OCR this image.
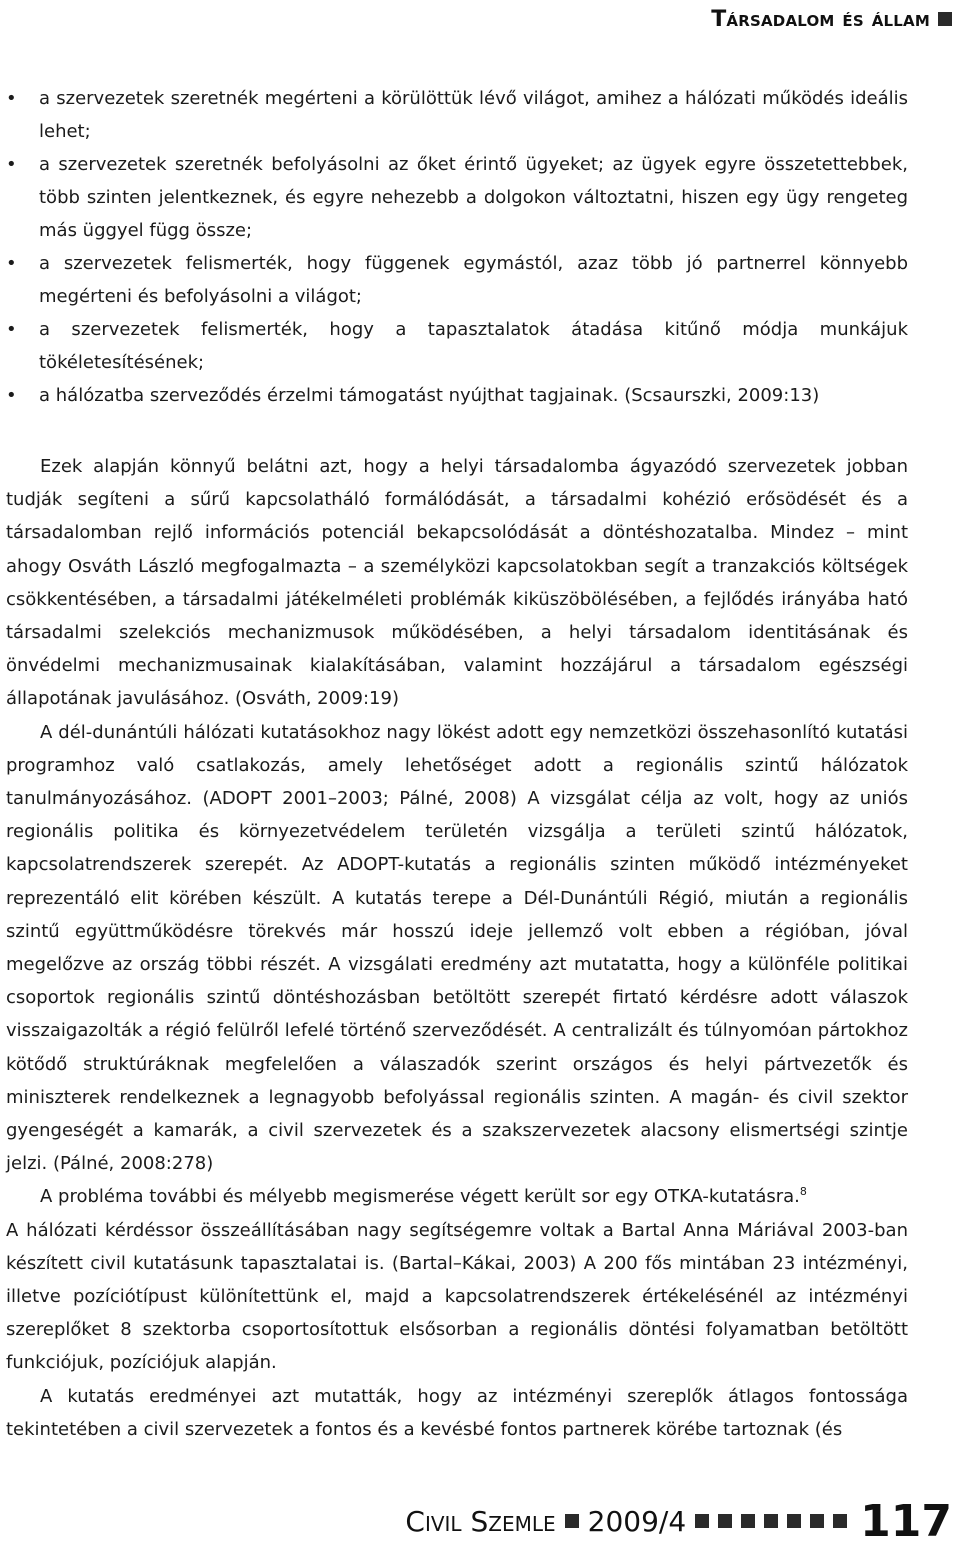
Társadalom és állam
• a szervezetek szeretnék megérteni a körülöttük lévő világot, amihez a hálózati működés ideális lehet;
• a szervezetek szeretnék befolyásolni az őket érintő ügyeket; az ügyek egyre összetettebbek, több szinten jelentkeznek, és egyre nehezebb a dolgokon változtatni, hiszen egy ügy rengeteg más üggyel függ össze;
• a szervezetek felismerték, hogy függenek egymástól, azaz több jó partnerrel könnyebb megérteni és befolyásolni a világot;
• a szervezetek felismerték, hogy a tapasztalatok átadása kitűnő módja munkájuk tökéletesítésének;
• a hálózatba szerveződés érzelmi támogatást nyújthat tagjainak. (Scsaurszki, 2009:13)

Ezek alapján könnyű belátni azt, hogy a helyi társadalomba ágyazódó szervezetek jobban tudják segíteni a sűrű kapcsolatháló formálódását, a társadalmi kohézió erősödését és a társadalomban rejlő információs potenciál bekapcsolódását a döntéshozatalba. Mindez – mint ahogy Osváth László megfogalmazta – a személyközi kapcsolatokban segít a tranzakciós költségek csökkentésében, a társadalmi játékelméleti problémák kiküszöbölésében, a fejlődés irányába ható társadalmi szelekciós mechanizmusok működésében, a helyi társadalom identitásának és önvédelmi mechanizmusainak kialakításában, valamint hozzájárul a társadalom egészségi állapotának javulásához. (Osváth, 2009:19)

A dél-dunántúli hálózati kutatásokhoz nagy lökést adott egy nemzetközi összehasonlító kutatási programhoz való csatlakozás, amely lehetőséget adott a regionális szintű hálózatok tanulmányozásához. (ADOPT 2001–2003; Pálné, 2008) A vizsgálat célja az volt, hogy az uniós regionális politika és környezetvédelem területén vizsgálja a területi szintű hálózatok, kapcsolatrendszerek szerepét. Az ADOPT-kutatás a regionális szinten működő intézményeket reprezentáló elit körében készült. A kutatás terepe a Dél-Dunántúli Régió, miután a regionális szintű együttműködésre törekvés már hosszú ideje jellemző volt ebben a régióban, jóval megelőzve az ország többi részét. A vizsgálati eredmény azt mutatatta, hogy a különféle politikai csoportok regionális szintű döntéshozásban betöltött szerepét firtató kérdésre adott válaszok visszaigazolták a régió felülről lefelé történő szerveződését. A centralizált és túlnyomóan pártokhoz kötődő struktúráknak megfelelően a válaszadók szerint országos és helyi pártvezetők és miniszterek rendelkeznek a legnagyobb befolyással regionális szinten. A magán- és civil szektor gyengeségét a kamarák, a civil szervezetek és a szakszervezetek alacsony elismertségi szintje jelzi. (Pálné, 2008:278)

A probléma további és mélyebb megismerése végett került sor egy OTKA-kutatásra.$^8$

A hálózati kérdéssor összeállításában nagy segítségemre voltak a Bartal Anna Máriával 2003-ban készített civil kutatásunk tapasztalatai is. (Bartal–Kákai, 2003) A 200 fős mintában 23 intézményi, illetve pozíciótípust különítettünk el, majd a kapcsolatrendszerek értékelésénél az intézményi szereplőket 8 szektorba csoportosítottuk elsősorban a regionális döntési folyamatban betöltött funkciójuk, pozíciójuk alapján.

A kutatás eredményei azt mutatták, hogy az intézményi szereplők átlagos fontossága tekintetében a civil szervezetek a fontos és a kevésbé fontos partnerek körébe tartoznak (és

Civil Szemle 2009/4	117
